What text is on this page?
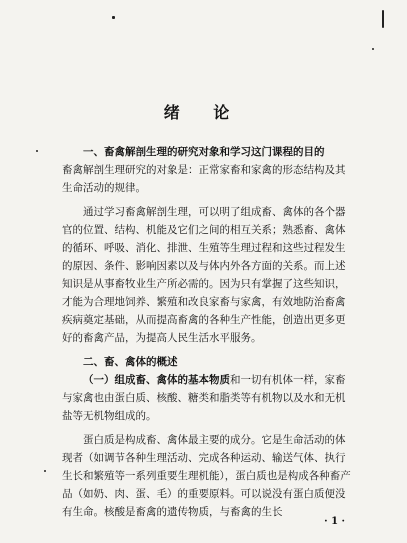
绪 论

一、畜禽解剖生理的研究对象和学习这门课程的目的

畜禽解剖生理研究的对象是：正常家畜和家禽的形态结构及其生命活动的规律。

通过学习畜禽解剖生理，可以明了组成畜、禽体的各个器官的位置、结构、机能及它们之间的相互关系；熟悉畜、禽体的循环、呼吸、消化、排泄、生殖等生理过程和这些过程发生的原因、条件、影响因素以及与体内外各方面的关系。而上述知识是从事畜牧业生产所必需的。因为只有掌握了这些知识，才能为合理地饲养、繁殖和改良家畜与家禽，有效地防治畜禽疾病奠定基础，从而提高畜禽的各种生产性能，创造出更多更好的畜禽产品，为提高人民生活水平服务。

二、畜、禽体的概述

（一）组成畜、禽体的基本物质和一切有机体一样，家畜与家禽也由蛋白质、核酸、糖类和脂类等有机物以及水和无机盐等无机物组成的。

蛋白质是构成畜、禽体最主要的成分。它是生命活动的体现者（如调节各种生理活动、完成各种运动、输送气体、执行生长和繁殖等一系列重要生理机能），蛋白质也是构成各种畜产品（如奶、肉、蛋、毛）的重要原料。可以说没有蛋白质便没有生命。核酸是畜禽的遗传物质，与畜禽的生长

· 1 ·
